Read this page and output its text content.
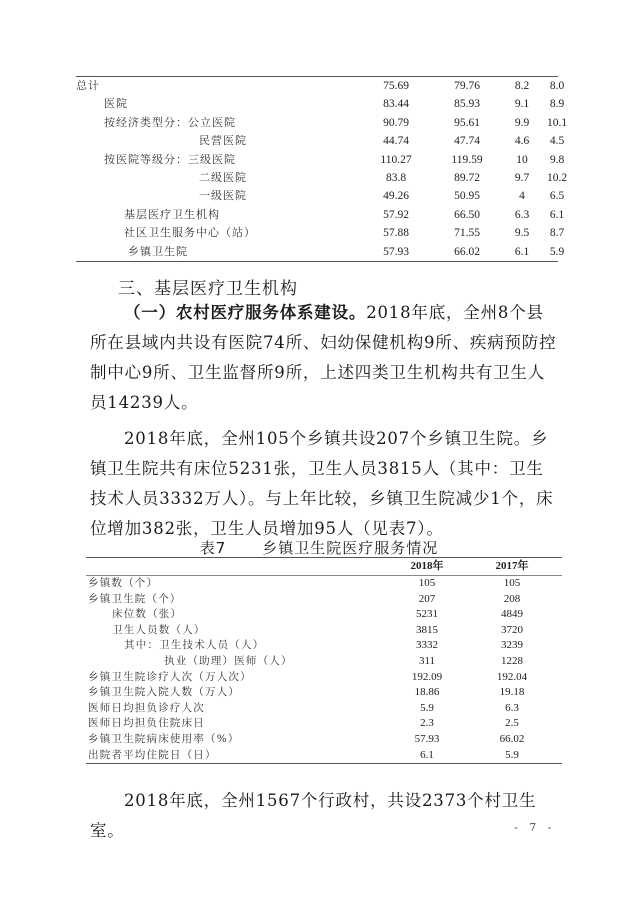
总计	75.69	79.76	8.2	8.0
医院	83.44	85.93	9.1	8.9
按经济类型分：公立医院	90.79	95.61	9.9	10.1
民营医院	44.74	47.74	4.6	4.5
按医院等级分：三级医院	110.27	119.59	10	9.8
二级医院	83.8	89.72	9.7	10.2
一级医院	49.26	50.95	4	6.5
基层医疗卫生机构	57.92	66.50	6.3	6.1
社区卫生服务中心（站）	57.88	71.55	9.5	8.7
乡镇卫生院	57.93	66.02	6.1	5.9
三、基层医疗卫生机构
（一）农村医疗服务体系建设。2018年底，全州8个县所在县域内共设有医院74所、妇幼保健机构9所、疾病预防控制中心9所、卫生监督所9所，上述四类卫生机构共有卫生人员14239人。
2018年底，全州105个乡镇共设207个乡镇卫生院。乡镇卫生院共有床位5231张，卫生人员3815人（其中：卫生技术人员3332万人）。与上年比较，乡镇卫生院减少1个，床位增加382张，卫生人员增加95人（见表7）。
表7 乡镇卫生院医疗服务情况
2018年	2017年
乡镇数（个）	105	105
乡镇卫生院（个）	207	208
床位数（张）	5231	4849
卫生人员数（人）	3815	3720
其中：卫生技术人员（人）	3332	3239
执业（助理）医师（人）	311	1228
乡镇卫生院诊疗人次（万人次）	192.09	192.04
乡镇卫生院入院人数（万人）	18.86	19.18
医师日均担负诊疗人次	5.9	6.3
医师日均担负住院床日	2.3	2.5
乡镇卫生院病床使用率（%）	57.93	66.02
出院者平均住院日（日）	6.1	5.9
2018年底，全州1567个行政村，共设2373个村卫生室。	- 7 -
